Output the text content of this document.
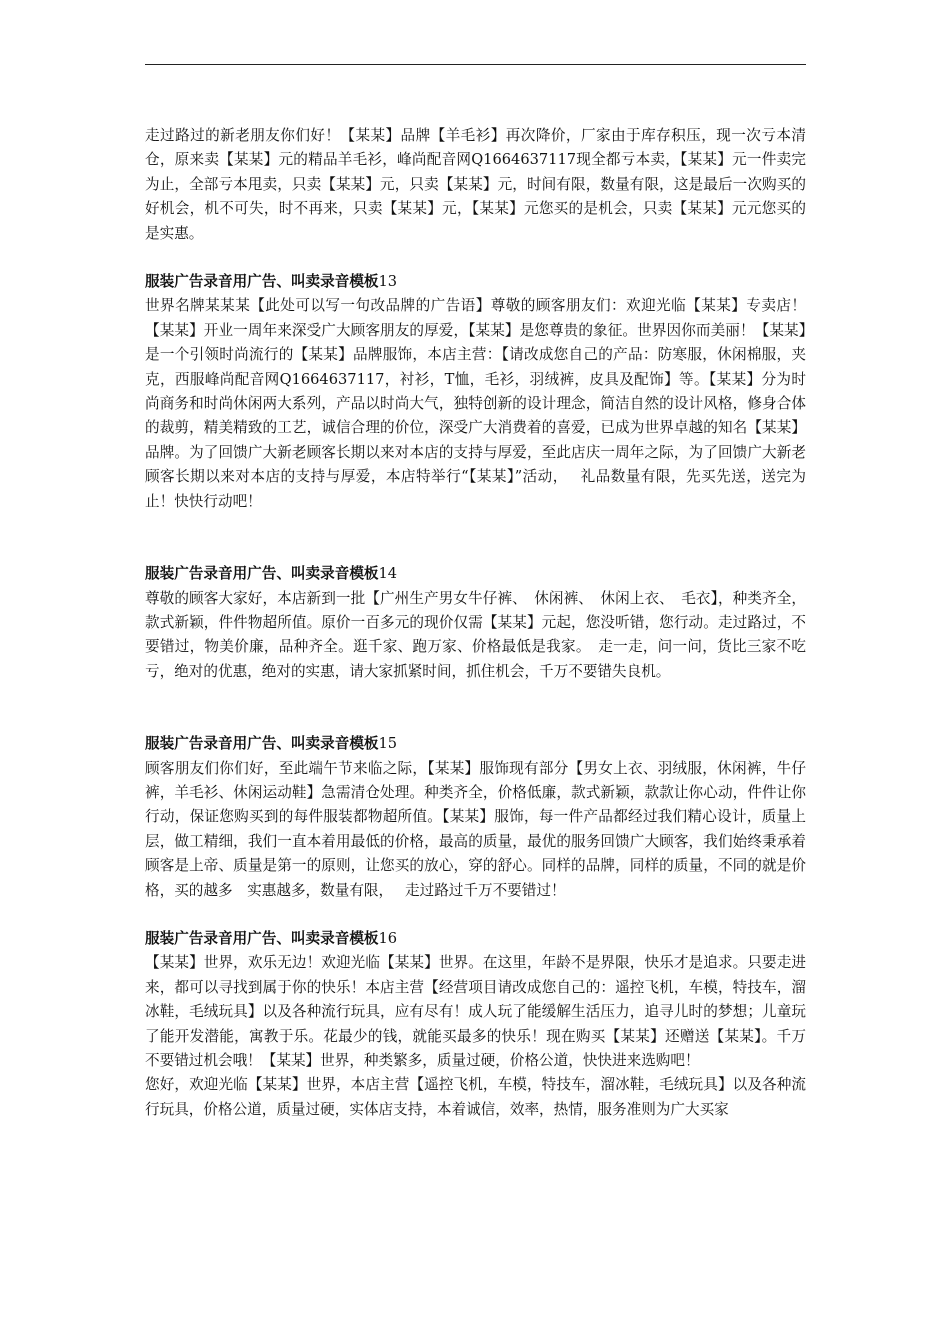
走过路过的新老朋友你们好！【某某】品牌【羊毛衫】再次降价，厂家由于库存积压，现一次亏本清仓，原来卖【某某】元的精品羊毛衫，峰尚配音网Q1664637117现全都亏本卖，【某某】元一件卖完为止，全部亏本甩卖，只卖【某某】元，只卖【某某】元，时间有限，数量有限，这是最后一次购买的好机会，机不可失，时不再来，只卖【某某】元，【某某】元您买的是机会，只卖【某某】元元您买的是实惠。

服装广告录音用广告、叫卖录音模板13

世界名牌某某某【此处可以写一句改品牌的广告语】尊敬的顾客朋友们：欢迎光临【某某】专卖店！【某某】开业一周年来深受广大顾客朋友的厚爱，【某某】是您尊贵的象征。世界因你而美丽！【某某】是一个引领时尚流行的【某某】品牌服饰，本店主营：【请改成您自己的产品：防寒服，休闲棉服，夹克，西服峰尚配音网Q1664637117，衬衫，T恤，毛衫，羽绒裤，皮具及配饰】等。【某某】分为时尚商务和时尚休闲两大系列，产品以时尚大气，独特创新的设计理念，简洁自然的设计风格，修身合体的裁剪，精美精致的工艺，诚信合理的价位，深受广大消费着的喜爱，已成为世界卓越的知名【某某】品牌。为了回馈广大新老顾客长期以来对本店的支持与厚爱，至此店庆一周年之际，为了回馈广大新老顾客长期以来对本店的支持与厚爱，本店特举行“【某某】”活动，　 礼品数量有限，先买先送，送完为止！快快行动吧！

服装广告录音用广告、叫卖录音模板14

尊敬的顾客大家好，本店新到一批【广州生产男女牛仔裤、　休闲裤、　休闲上衣、　毛衣】，种类齐全，款式新颖，件件物超所值。原价一百多元的现价仅需【某某】元起，您没听错，您行动。走过路过，不要错过，物美价廉，品种齐全。逛千家、跑万家、价格最低是我家。　走一走，问一问，货比三家不吃亏，绝对的优惠，绝对的实惠，请大家抓紧时间，抓住机会，千万不要错失良机。

服装广告录音用广告、叫卖录音模板15

顾客朋友们你们好，至此端午节来临之际，【某某】服饰现有部分【男女上衣、羽绒服，休闲裤，牛仔裤，羊毛衫、休闲运动鞋】急需清仓处理。种类齐全，价格低廉，款式新颖，款款让你心动，件件让你行动，保证您购买到的每件服装都物超所值。【某某】服饰，每一件产品都经过我们精心设计，质量上层，做工精细，我们一直本着用最低的价格，最高的质量，最优的服务回馈广大顾客，我们始终秉承着顾客是上帝、质量是第一的原则，让您买的放心，穿的舒心。同样的品牌，同样的质量，不同的就是价格，买的越多　实惠越多，数量有限，　 走过路过千万不要错过！

服装广告录音用广告、叫卖录音模板16

【某某】世界，欢乐无边！欢迎光临【某某】世界。在这里，年龄不是界限，快乐才是追求。只要走进来，都可以寻找到属于你的快乐！本店主营【经营项目请改成您自己的：遥控飞机，车模，特技车，溜冰鞋，毛绒玩具】以及各种流行玩具，应有尽有！成人玩了能缓解生活压力，追寻儿时的梦想；儿童玩了能开发潜能，寓教于乐。花最少的钱，就能买最多的快乐！现在购买【某某】还赠送【某某】。千万不要错过机会哦！【某某】世界，种类繁多，质量过硬，价格公道，快快进来选购吧！

您好，欢迎光临【某某】世界，本店主营【遥控飞机，车模，特技车，溜冰鞋，毛绒玩具】以及各种流行玩具，价格公道，质量过硬，实体店支持，本着诚信，效率，热情，服务准则为广大买家
